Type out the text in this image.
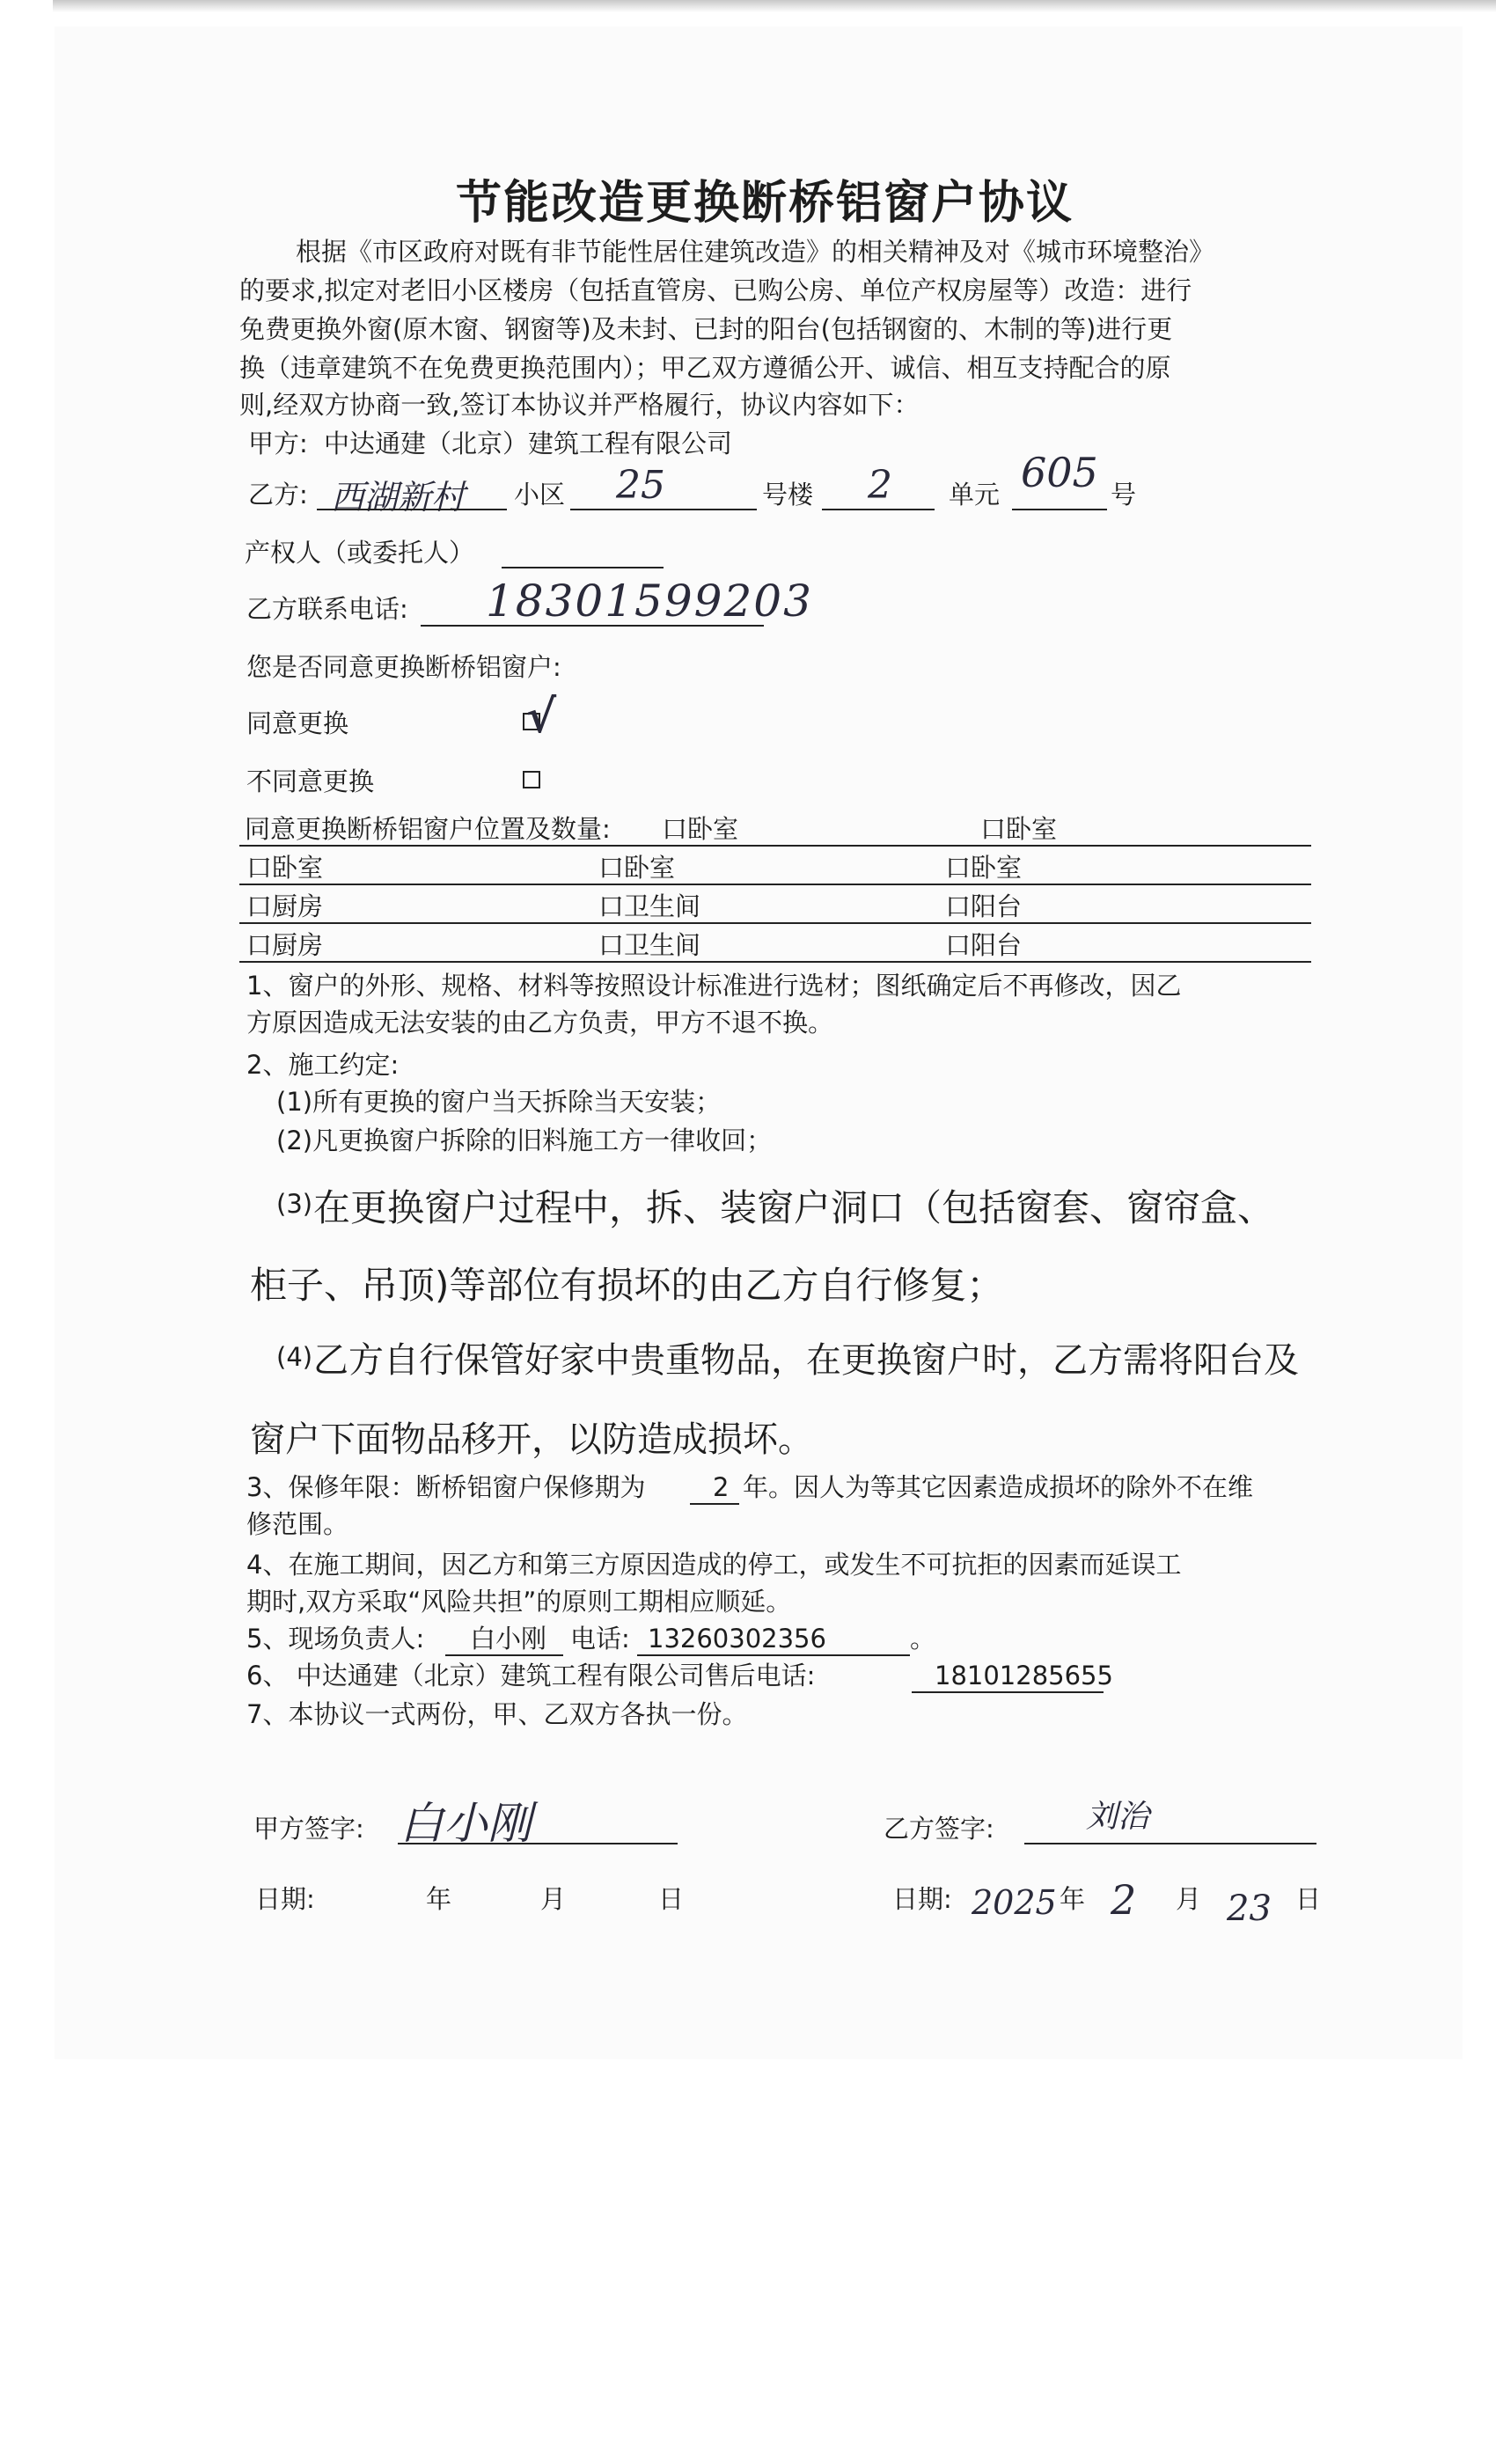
节能改造更换断桥铝窗户协议
根据《市区政府对既有非节能性居住建筑改造》的相关精神及对《城市环境整治》
的要求,拟定对老旧小区楼房（包括直管房、已购公房、单位产权房屋等）改造：进行
免费更换外窗(原木窗、钢窗等)及未封、已封的阳台(包括钢窗的、木制的等)进行更
换（违章建筑不在免费更换范围内）；甲乙双方遵循公开、诚信、相互支持配合的原
则,经双方协商一致,签订本协议并严格履行，协议内容如下：
甲方: 中达通建（北京）建筑工程有限公司
乙方: 西湖新村 小区 25	号楼 2 单元 605 号
产权人（或委托人）
乙方联系电话: 18301599203
您是否同意更换断桥铝窗户:
同意更换	√
不同意更换
同意更换断桥铝窗户位置及数量: 口卧室	口卧室
口卧室	口卧室	口卧室
口厨房	口卫生间	口阳台
口厨房	口卫生间	口阳台
1、窗户的外形、规格、材料等按照设计标准进行选材；图纸确定后不再修改，因乙
方原因造成无法安装的由乙方负责，甲方不退不换。
2、施工约定:
(1)所有更换的窗户当天拆除当天安装；
(2)凡更换窗户拆除的旧料施工方一律收回；
(3) 在更换窗户过程中，拆、装窗户洞口（包括窗套、窗帘盒、
柜子、吊顶)等部位有损坏的由乙方自行修复；
(4) 乙方自行保管好家中贵重物品，在更换窗户时，乙方需将阳台及
窗户下面物品移开，以防造成损坏。
3、保修年限：断桥铝窗户保修期为	2 年。因人为等其它因素造成损坏的除外不在维
修范围。
4、在施工期间，因乙方和第三方原因造成的停工，或发生不可抗拒的因素而延误工
期时,双方采取“风险共担”的原则工期相应顺延。
5、现场负责人: 白小刚 电话: 13260302356	。
6、 中达通建（北京）建筑工程有限公司售后电话:	18101285655
7、本协议一式两份，甲、乙双方各执一份。
甲方签字: 白小刚	乙方签字:	刘治
日期:	年	月	日	日期: 2025 年 2 月 23 日
